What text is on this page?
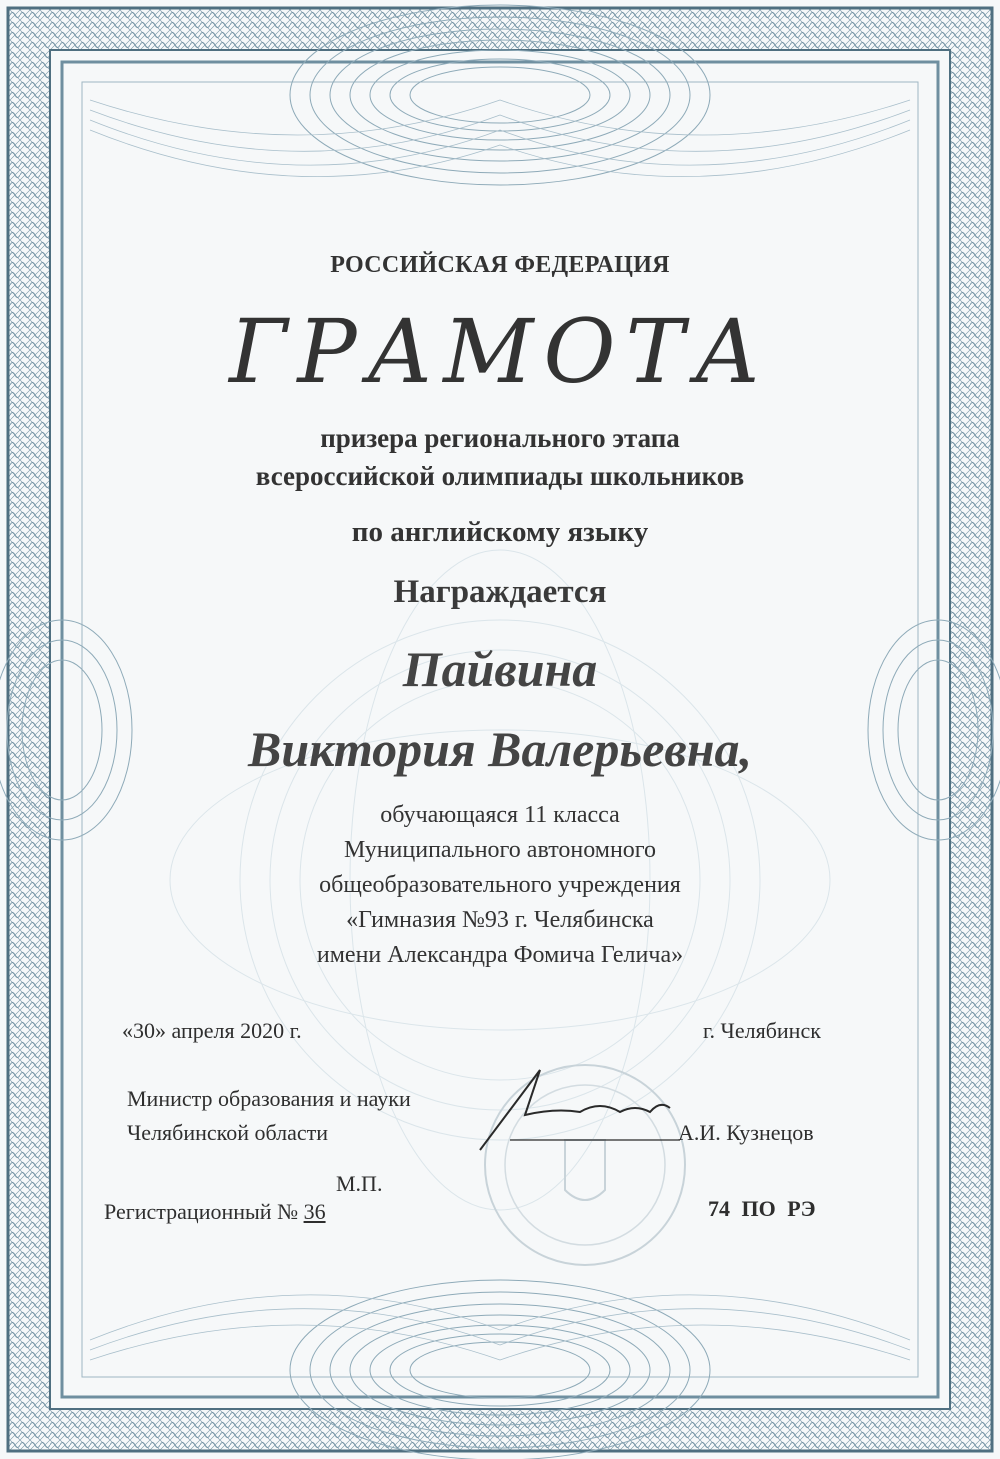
РОССИЙСКАЯ ФЕДЕРАЦИЯ
ГРАМОТА
призера регионального этапа
всероссийской олимпиады школьников
по английскому языку
Награждается
Пайвина
Виктория Валерьевна,
обучающаяся 11 класса
Муниципального автономного
общеобразовательного учреждения
«Гимназия №93 г. Челябинска
имени Александра Фомича Гелича»
«30» апреля 2020 г.	г. Челябинск
Министр образования и науки
Челябинской области	А.И. Кузнецов
М.П.
Регистрационный № 36	74 ПО РЭ
